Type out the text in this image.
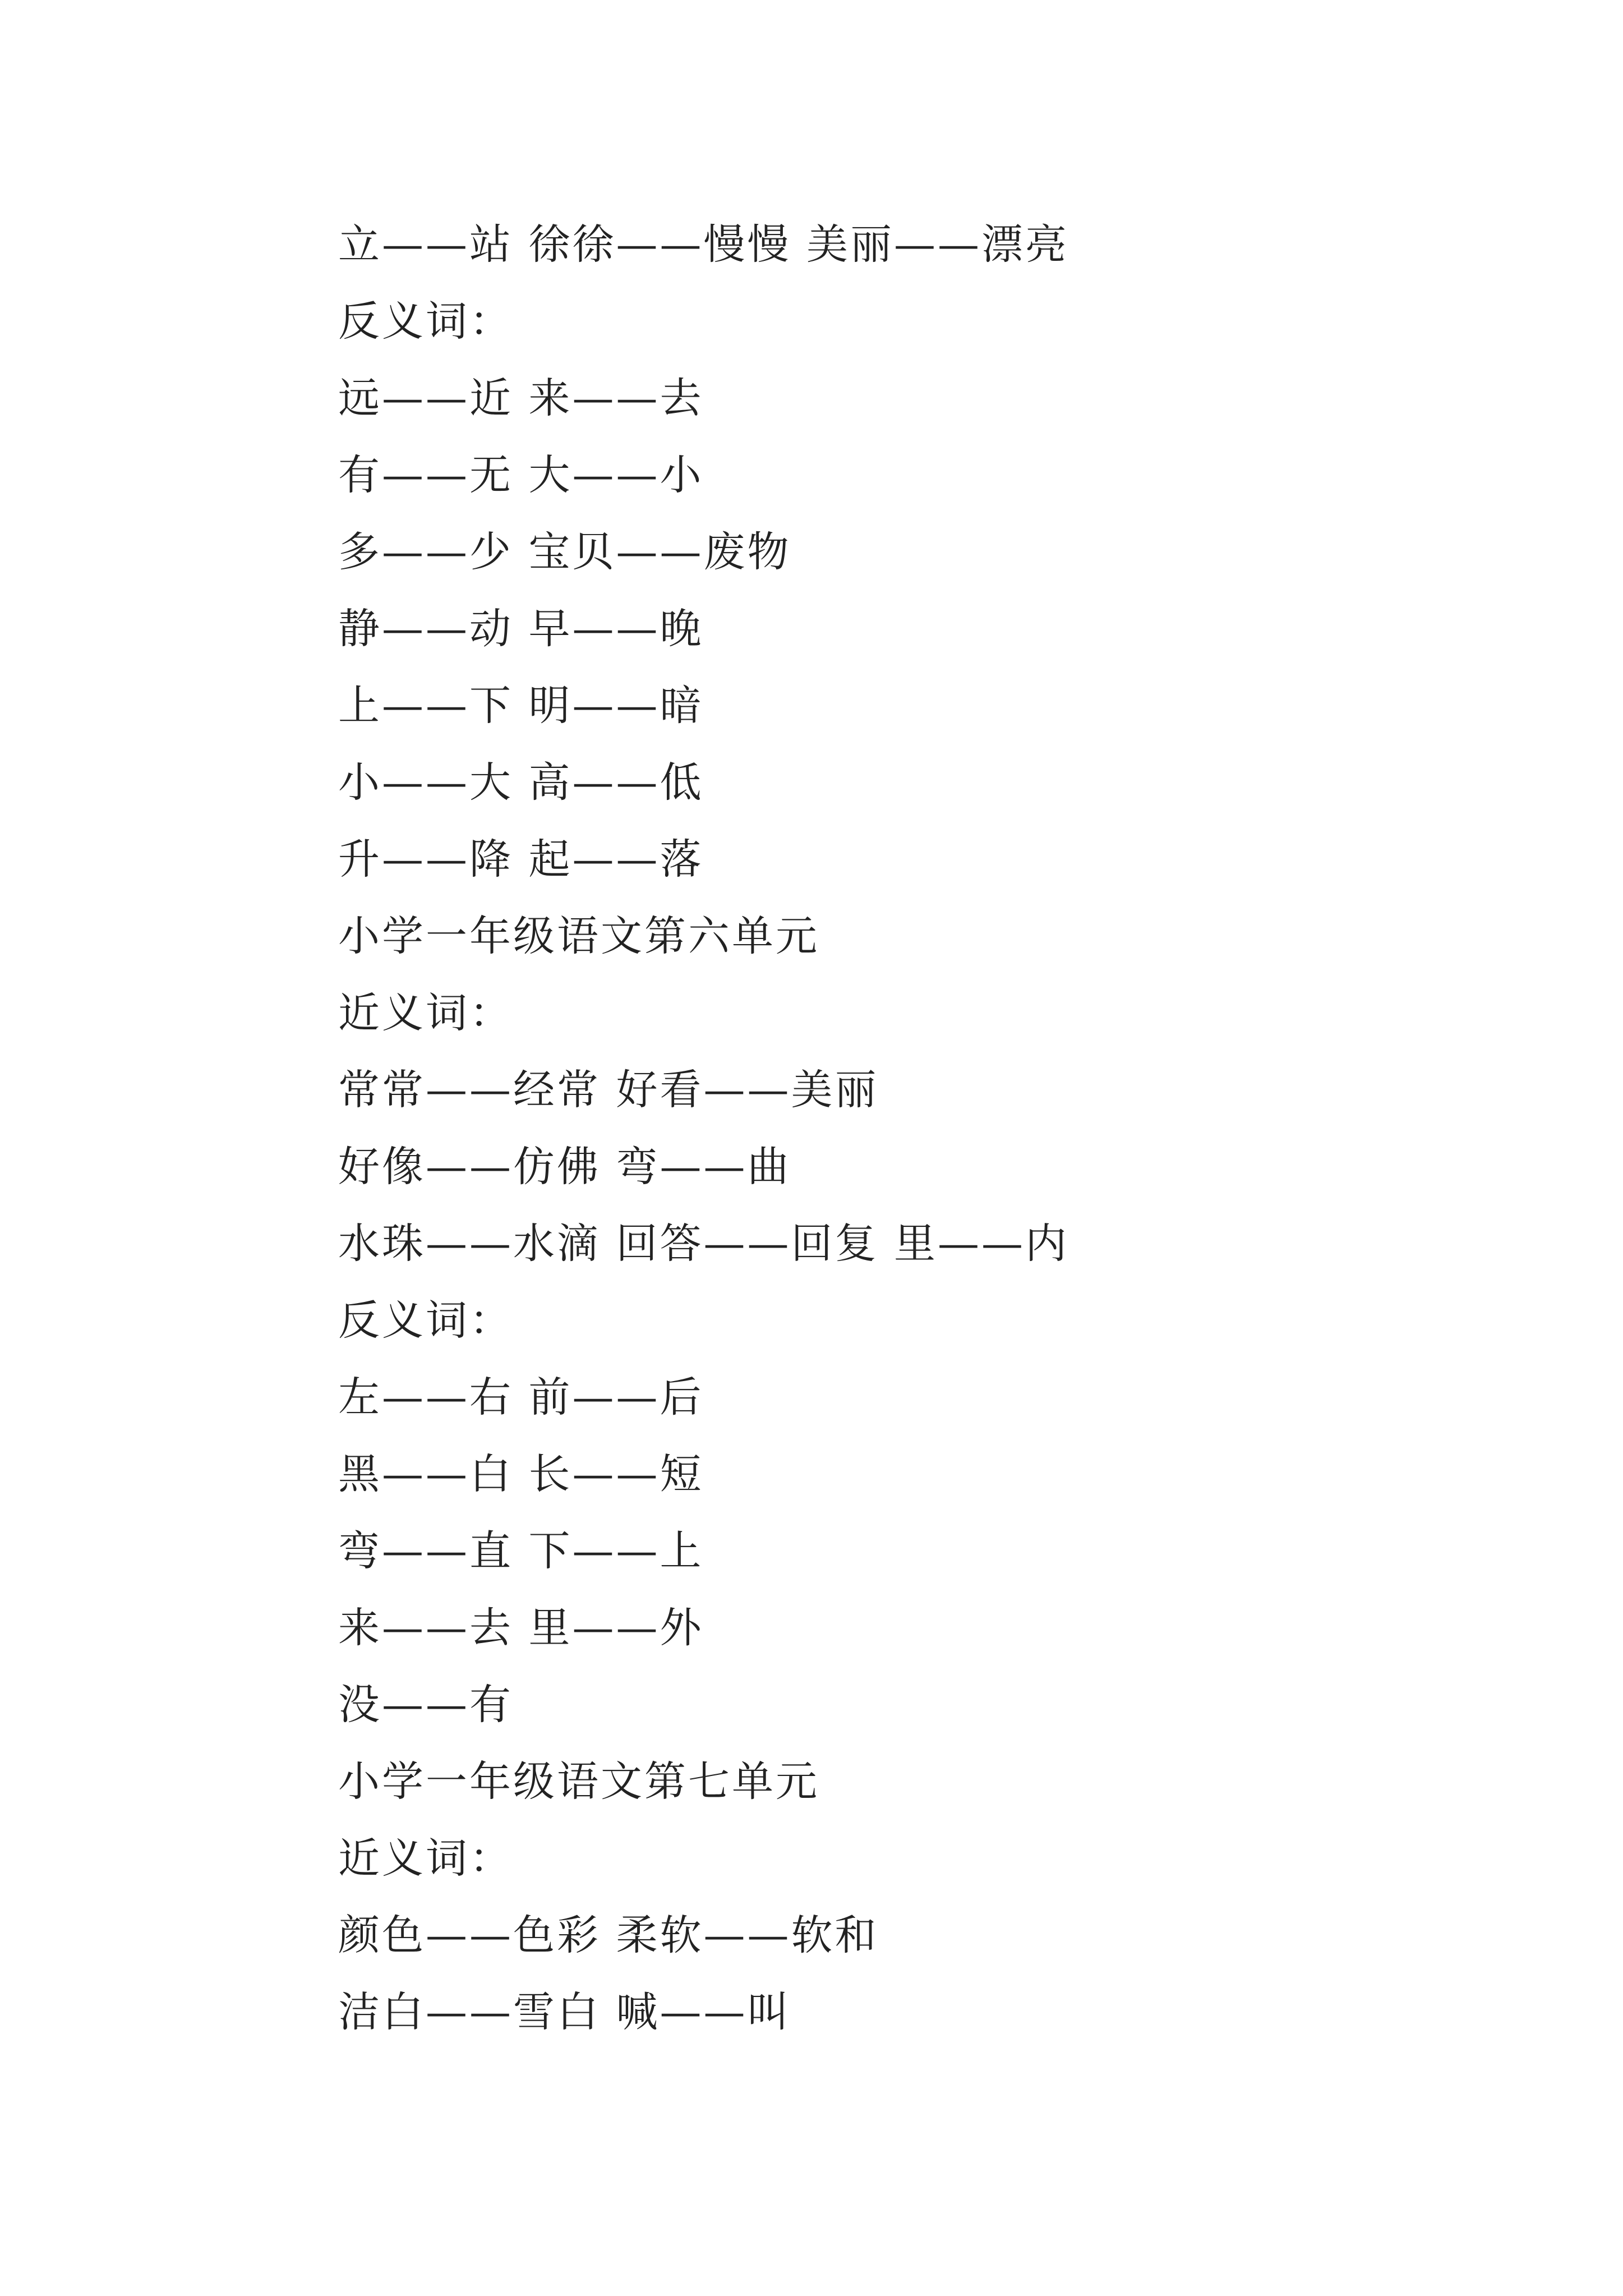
立——站 徐徐——慢慢 美丽——漂亮
反义词：
远——近 来——去
有——无 大——小
多——少 宝贝——废物
静——动 早——晚
上——下 明——暗
小——大 高——低
升——降 起——落
小学一年级语文第六单元
近义词：
常常——经常 好看——美丽
好像——仿佛 弯——曲
水珠——水滴 回答——回复 里——内
反义词：
左——右 前——后
黑——白 长——短
弯——直 下——上
来——去 里——外
没——有
小学一年级语文第七单元
近义词：
颜色——色彩 柔软——软和
洁白——雪白 喊——叫
